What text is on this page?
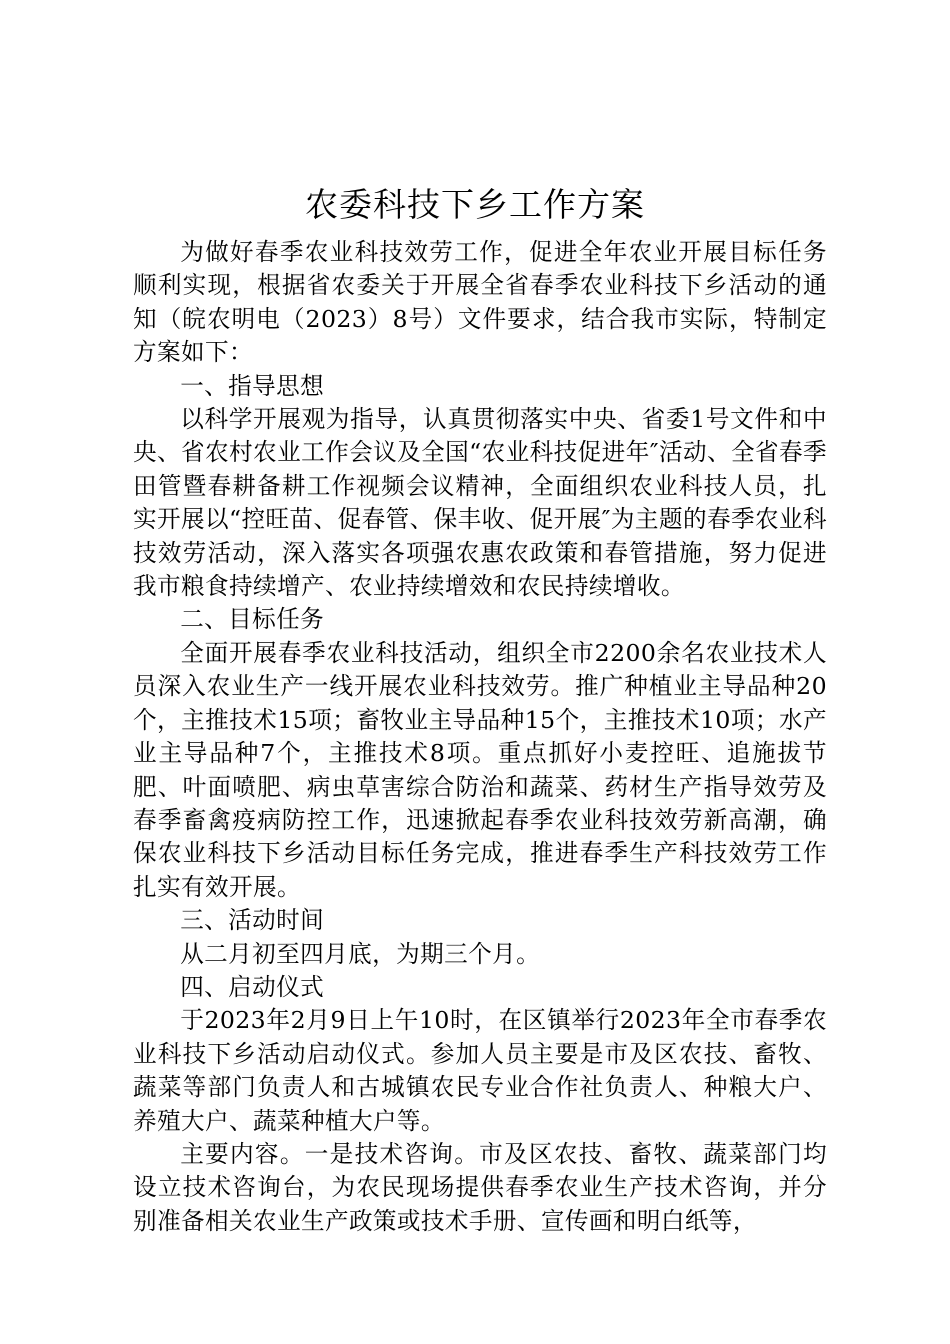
农委科技下乡工作方案

为做好春季农业科技效劳工作，促进全年农业开展目标任务顺利实现，根据省农委关于开展全省春季农业科技下乡活动的通知（皖农明电（2023）8号）文件要求，结合我市实际，特制定方案如下：

一、指导思想

以科学开展观为指导，认真贯彻落实中央、省委1号文件和中央、省农村农业工作会议及全国“农业科技促进年″活动、全省春季田管暨春耕备耕工作视频会议精神，全面组织农业科技人员，扎实开展以“控旺苗、促春管、保丰收、促开展″为主题的春季农业科技效劳活动，深入落实各项强农惠农政策和春管措施，努力促进我市粮食持续增产、农业持续增效和农民持续增收。

二、目标任务

全面开展春季农业科技活动，组织全市2200余名农业技术人员深入农业生产一线开展农业科技效劳。推广种植业主导品种20个，主推技术15项；畜牧业主导品种15个，主推技术10项；水产业主导品种7个，主推技术8项。重点抓好小麦控旺、追施拔节肥、叶面喷肥、病虫草害综合防治和蔬菜、药材生产指导效劳及春季畜禽疫病防控工作，迅速掀起春季农业科技效劳新高潮，确保农业科技下乡活动目标任务完成，推进春季生产科技效劳工作扎实有效开展。

三、活动时间

从二月初至四月底，为期三个月。

四、启动仪式

于2023年2月9日上午10时，在区镇举行2023年全市春季农业科技下乡活动启动仪式。参加人员主要是市及区农技、畜牧、蔬菜等部门负责人和古城镇农民专业合作社负责人、种粮大户、养殖大户、蔬菜种植大户等。

主要内容。一是技术咨询。市及区农技、畜牧、蔬菜部门均设立技术咨询台，为农民现场提供春季农业生产技术咨询，并分别准备相关农业生产政策或技术手册、宣传画和明白纸等，
